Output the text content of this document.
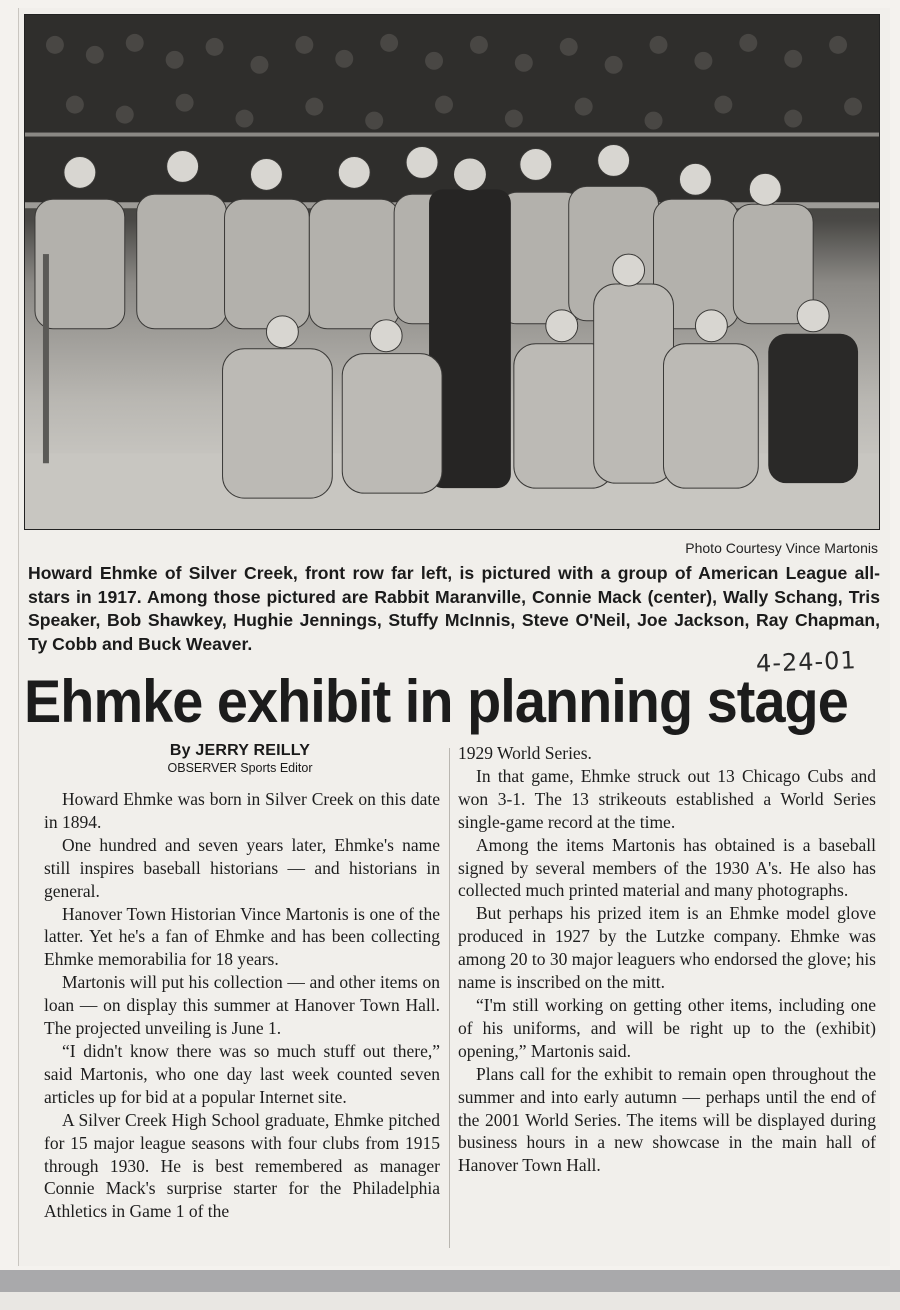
Photo Courtesy Vince Martonis
Howard Ehmke of Silver Creek, front row far left, is pictured with a group of American League all-stars in 1917. Among those pictured are Rabbit Maranville, Connie Mack (center), Wally Schang, Tris Speaker, Bob Shawkey, Hughie Jennings, Stuffy McInnis, Steve O'Neil, Joe Jackson, Ray Chapman, Ty Cobb and Buck Weaver.
4-24-01
Ehmke exhibit in planning stage
By JERRY REILLY
OBSERVER Sports Editor

Howard Ehmke was born in Silver Creek on this date in 1894.

One hundred and seven years later, Ehmke's name still inspires baseball historians — and historians in general.

Hanover Town Historian Vince Martonis is one of the latter. Yet he's a fan of Ehmke and has been collecting Ehmke memorabilia for 18 years.

Martonis will put his collection — and other items on loan — on display this summer at Hanover Town Hall. The projected unveiling is June 1.

“I didn't know there was so much stuff out there,” said Martonis, who one day last week counted seven articles up for bid at a popular Internet site.

A Silver Creek High School graduate, Ehmke pitched for 15 major league seasons with four clubs from 1915 through 1930. He is best remembered as manager Connie Mack's surprise starter for the Philadelphia Athletics in Game 1 of the

1929 World Series.

In that game, Ehmke struck out 13 Chicago Cubs and won 3-1. The 13 strikeouts established a World Series single-game record at the time.

Among the items Martonis has obtained is a baseball signed by several members of the 1930 A's. He also has collected much printed material and many photographs.

But perhaps his prized item is an Ehmke model glove produced in 1927 by the Lutzke company. Ehmke was among 20 to 30 major leaguers who endorsed the glove; his name is inscribed on the mitt.

“I'm still working on getting other items, including one of his uniforms, and will be right up to the (exhibit) opening,” Martonis said.

Plans call for the exhibit to remain open throughout the summer and into early autumn — perhaps until the end of the 2001 World Series. The items will be displayed during business hours in a new showcase in the main hall of Hanover Town Hall.
